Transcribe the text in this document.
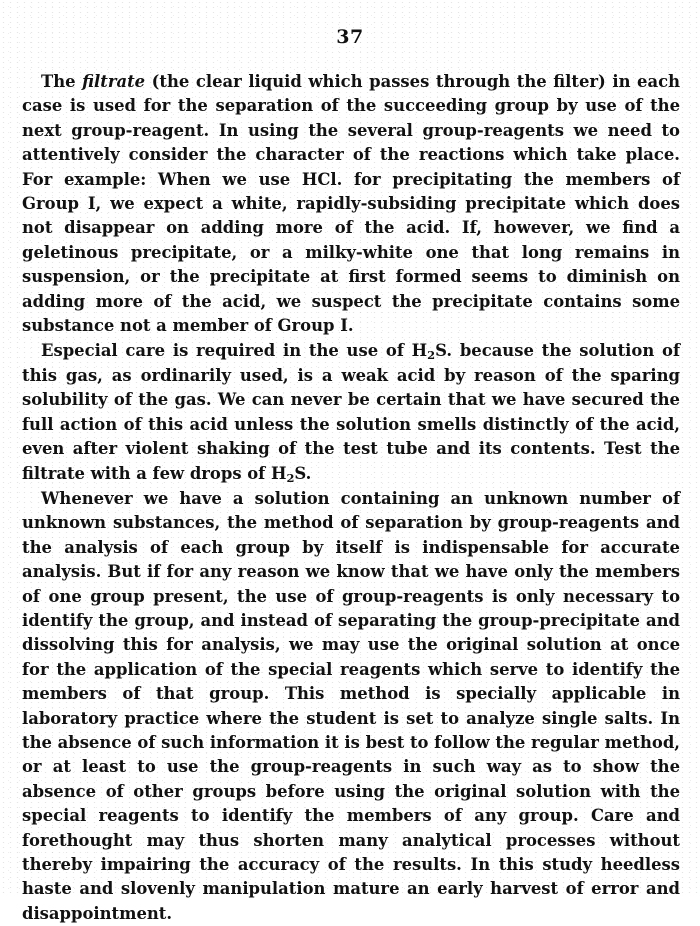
37

The filtrate (the clear liquid which passes through the filter) in each case is used for the separation of the succeeding group by use of the next group-reagent. In using the several group-reagents we need to attentively consider the character of the reactions which take place. For example: When we use HCl. for precipitating the members of Group I, we expect a white, rapidly-subsiding precipitate which does not disappear on adding more of the acid. If, however, we find a geletinous precipitate, or a milky-white one that long remains in suspension, or the precipitate at first formed seems to diminish on adding more of the acid, we suspect the precipitate contains some substance not a member of Group I.

Especial care is required in the use of $H_2S$. because the solution of this gas, as ordinarily used, is a weak acid by reason of the sparing solubility of the gas. We can never be certain that we have secured the full action of this acid unless the solution smells distinctly of the acid, even after violent shaking of the test tube and its contents. Test the filtrate with a few drops of $H_2S$.

Whenever we have a solution containing an unknown number of unknown substances, the method of separation by group-reagents and the analysis of each group by itself is indispensable for accurate analysis. But if for any reason we know that we have only the members of one group present, the use of group-reagents is only necessary to identify the group, and instead of separating the group-precipitate and dissolving this for analysis, we may use the original solution at once for the application of the special reagents which serve to identify the members of that group. This method is specially applicable in laboratory practice where the student is set to analyze single salts. In the absence of such information it is best to follow the regular method, or at least to use the group-reagents in such way as to show the absence of other groups before using the original solution with the special reagents to identify the members of any group. Care and forethought may thus shorten many analytical processes without thereby impairing the accuracy of the results. In this study heedless haste and slovenly manipulation mature an early harvest of error and disappointment.
